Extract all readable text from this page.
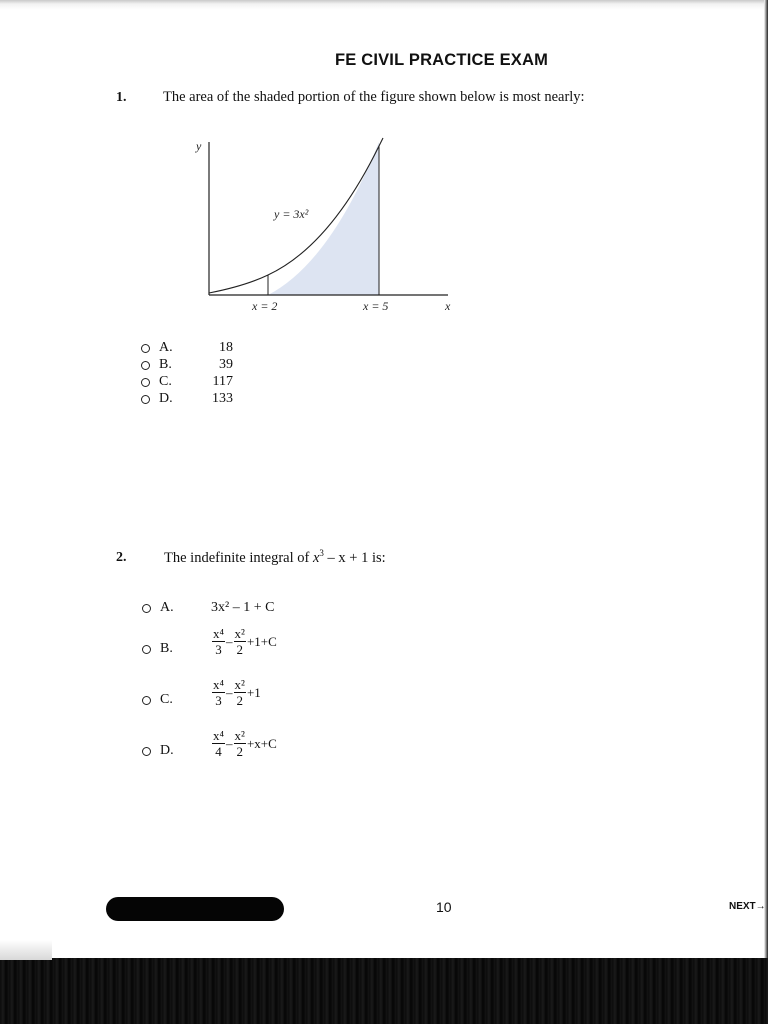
FE CIVIL PRACTICE EXAM
1.	The area of the shaded portion of the figure shown below is most nearly:
y
x
y = 3x²
x = 2	x = 5
A.	18
B.	39
C.	117
D.	133
2.	The indefinite integral of $x^3 - x + 1$ is:
A.	3x² – 1 + C
B.	$\frac{\text{x⁴}}{3} - \frac{\text{x²}}{2} +1+C$
C.	$\frac{\text{x⁴}}{3} - \frac{\text{x²}}{2} +1$
D.	$\frac{\text{x⁴}}{4} - \frac{\text{x²}}{2} +x+C$
10	NEXT→
